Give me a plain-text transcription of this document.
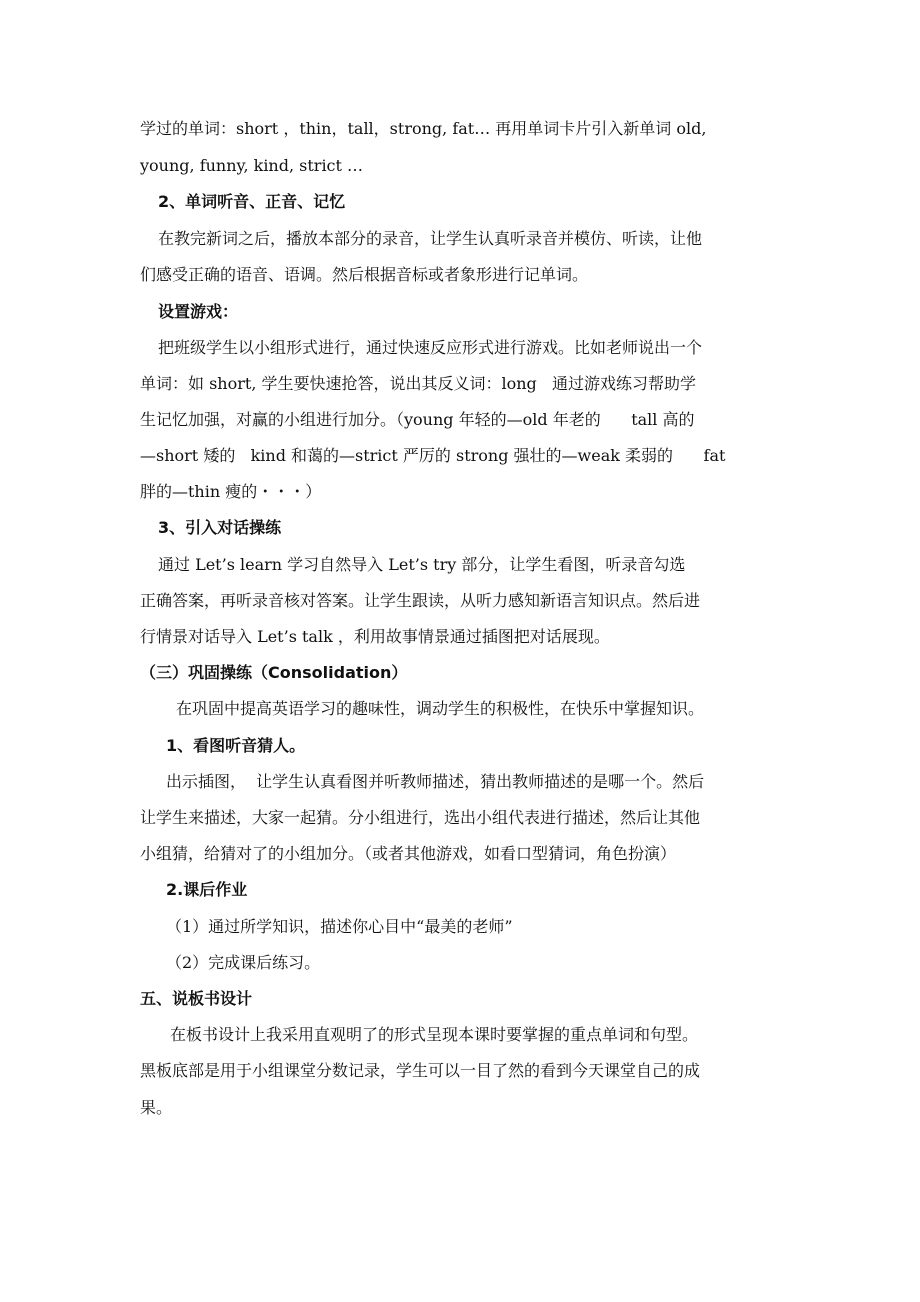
学过的单词：short ，thin，tall，strong, fat… 再用单词卡片引入新单词 old,
young, funny, kind, strict …
2、单词听音、正音、记忆
在教完新词之后，播放本部分的录音，让学生认真听录音并模仿、听读，让他
们感受正确的语音、语调。然后根据音标或者象形进行记单词。
设置游戏：
把班级学生以小组形式进行，通过快速反应形式进行游戏。比如老师说出一个
单词：如 short, 学生要快速抢答，说出其反义词：long   通过游戏练习帮助学
生记忆加强，对赢的小组进行加分。（young 年轻的—old 年老的      tall 高的
—short 矮的   kind 和蔼的—strict 严厉的 strong 强壮的—weak 柔弱的      fat
胖的—thin 瘦的・・・）
3、引入对话操练
通过 Let’s learn 学习自然导入 Let’s try 部分，让学生看图，听录音勾选
正确答案，再听录音核对答案。让学生跟读，从听力感知新语言知识点。然后进
行情景对话导入 Let’s talk ，利用故事情景通过插图把对话展现。
（三）巩固操练（Consolidation）
在巩固中提高英语学习的趣味性，调动学生的积极性，在快乐中掌握知识。
1、看图听音猜人。
出示插图，  让学生认真看图并听教师描述，猜出教师描述的是哪一个。然后
让学生来描述，大家一起猜。分小组进行，选出小组代表进行描述，然后让其他
小组猜，给猜对了的小组加分。（或者其他游戏，如看口型猜词，角色扮演）
2.课后作业
（1）通过所学知识，描述你心目中“最美的老师”
（2）完成课后练习。
五、说板书设计
在板书设计上我采用直观明了的形式呈现本课时要掌握的重点单词和句型。
黑板底部是用于小组课堂分数记录，学生可以一目了然的看到今天课堂自己的成
果。
